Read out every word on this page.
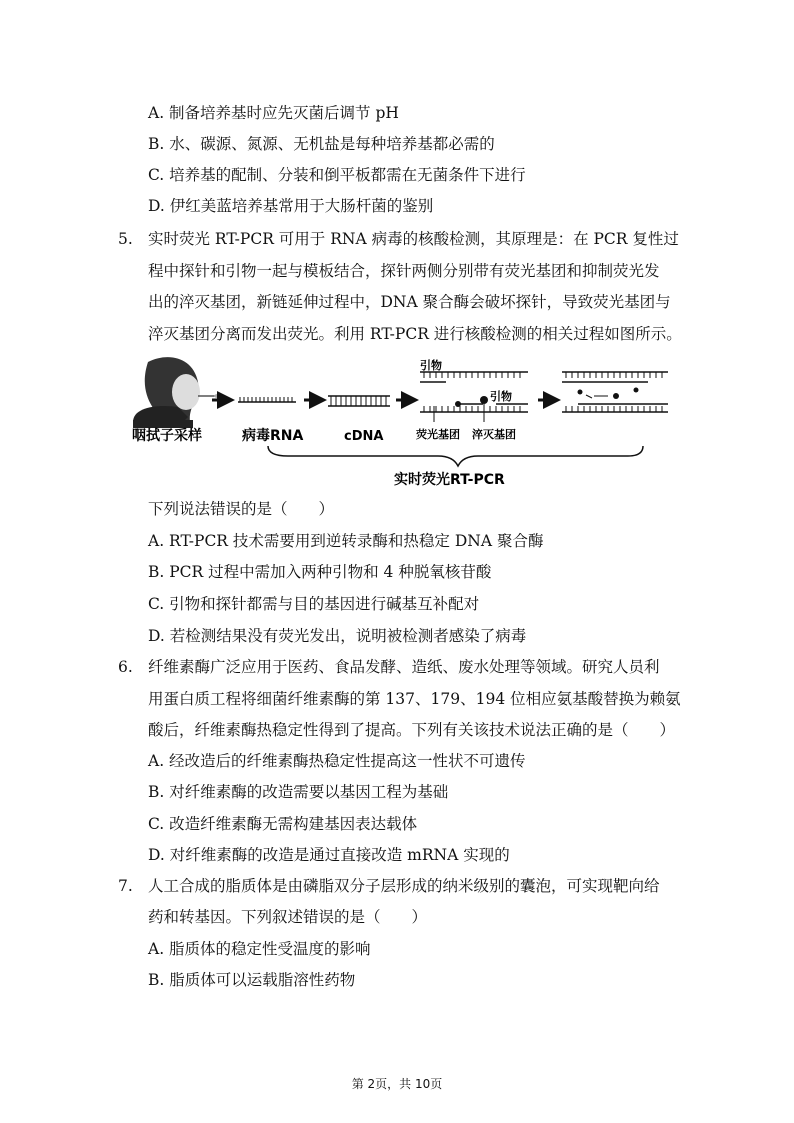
A. 制备培养基时应先灭菌后调节 pH
B. 水、碳源、氮源、无机盐是每种培养基都必需的
C. 培养基的配制、分装和倒平板都需在无菌条件下进行
D. 伊红美蓝培养基常用于大肠杆菌的鉴别
5. 实时荧光 RT-PCR 可用于 RNA 病毒的核酸检测，其原理是：在 PCR 复性过
程中探针和引物一起与模板结合，探针两侧分别带有荧光基团和抑制荧光发
出的淬灭基团，新链延伸过程中，DNA 聚合酶会破坏探针，导致荧光基团与
淬灭基团分离而发出荧光。利用 RT-PCR 进行核酸检测的相关过程如图所示。
咽拭子采样	病毒RNA	cDNA
引物
引物
荧光基团 淬灭基团
实时荧光RT-PCR
下列说法错误的是（　　）
A. RT-PCR 技术需要用到逆转录酶和热稳定 DNA 聚合酶
B. PCR 过程中需加入两种引物和 4 种脱氧核苷酸
C. 引物和探针都需与目的基因进行碱基互补配对
D. 若检测结果没有荧光发出，说明被检测者感染了病毒
6. 纤维素酶广泛应用于医药、食品发酵、造纸、废水处理等领域。研究人员利
用蛋白质工程将细菌纤维素酶的第 137、179、194 位相应氨基酸替换为赖氨
酸后，纤维素酶热稳定性得到了提高。下列有关该技术说法正确的是（　　）
A. 经改造后的纤维素酶热稳定性提高这一性状不可遗传
B. 对纤维素酶的改造需要以基因工程为基础
C. 改造纤维素酶无需构建基因表达载体
D. 对纤维素酶的改造是通过直接改造 mRNA 实现的
7. 人工合成的脂质体是由磷脂双分子层形成的纳米级别的囊泡，可实现靶向给
药和转基因。下列叙述错误的是（　　）
A. 脂质体的稳定性受温度的影响
B. 脂质体可以运载脂溶性药物
第 2页，共 10页
